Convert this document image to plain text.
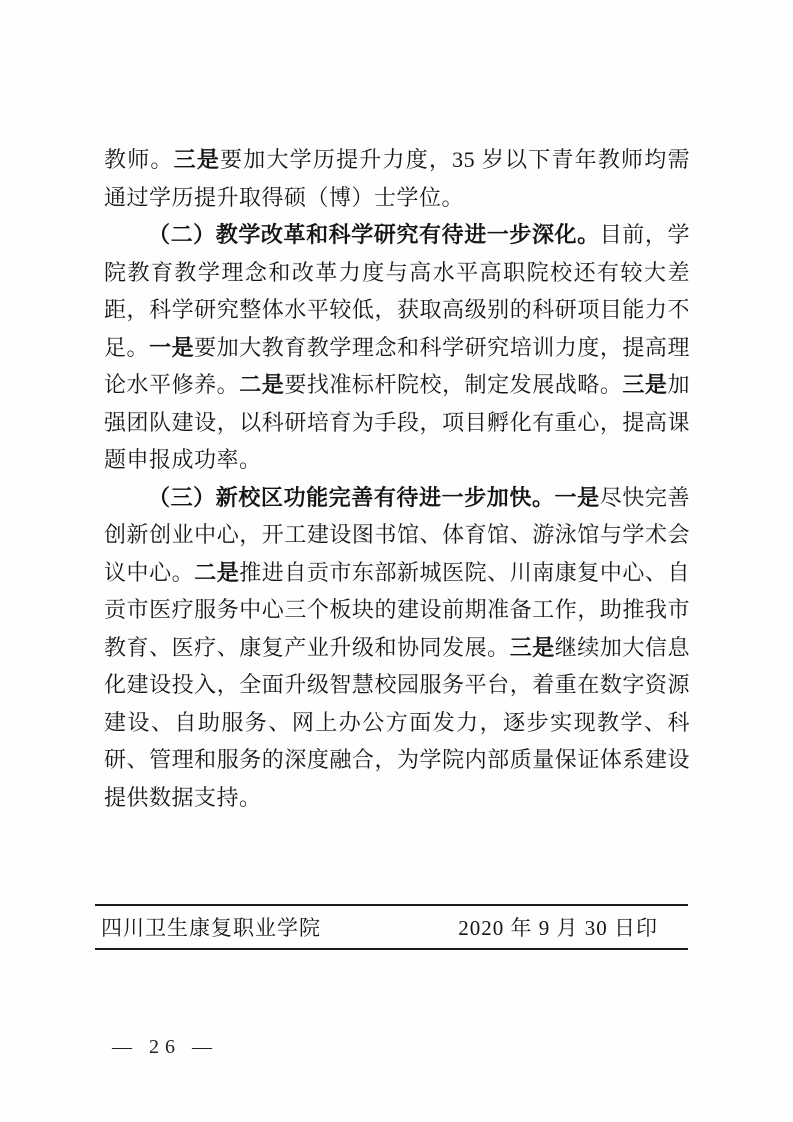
教师。三是要加大学历提升力度，35 岁以下青年教师均需通过学历提升取得硕（博）士学位。

（二）教学改革和科学研究有待进一步深化。目前，学院教育教学理念和改革力度与高水平高职院校还有较大差距，科学研究整体水平较低，获取高级别的科研项目能力不足。一是要加大教育教学理念和科学研究培训力度，提高理论水平修养。二是要找准标杆院校，制定发展战略。三是加强团队建设，以科研培育为手段，项目孵化有重心，提高课题申报成功率。

（三）新校区功能完善有待进一步加快。一是尽快完善创新创业中心，开工建设图书馆、体育馆、游泳馆与学术会议中心。二是推进自贡市东部新城医院、川南康复中心、自贡市医疗服务中心三个板块的建设前期准备工作，助推我市教育、医疗、康复产业升级和协同发展。三是继续加大信息化建设投入，全面升级智慧校园服务平台，着重在数字资源建设、自助服务、网上办公方面发力，逐步实现教学、科研、管理和服务的深度融合，为学院内部质量保证体系建设提供数据支持。

四川卫生康复职业学院	2020 年 9 月 30 日印
— 26 —
